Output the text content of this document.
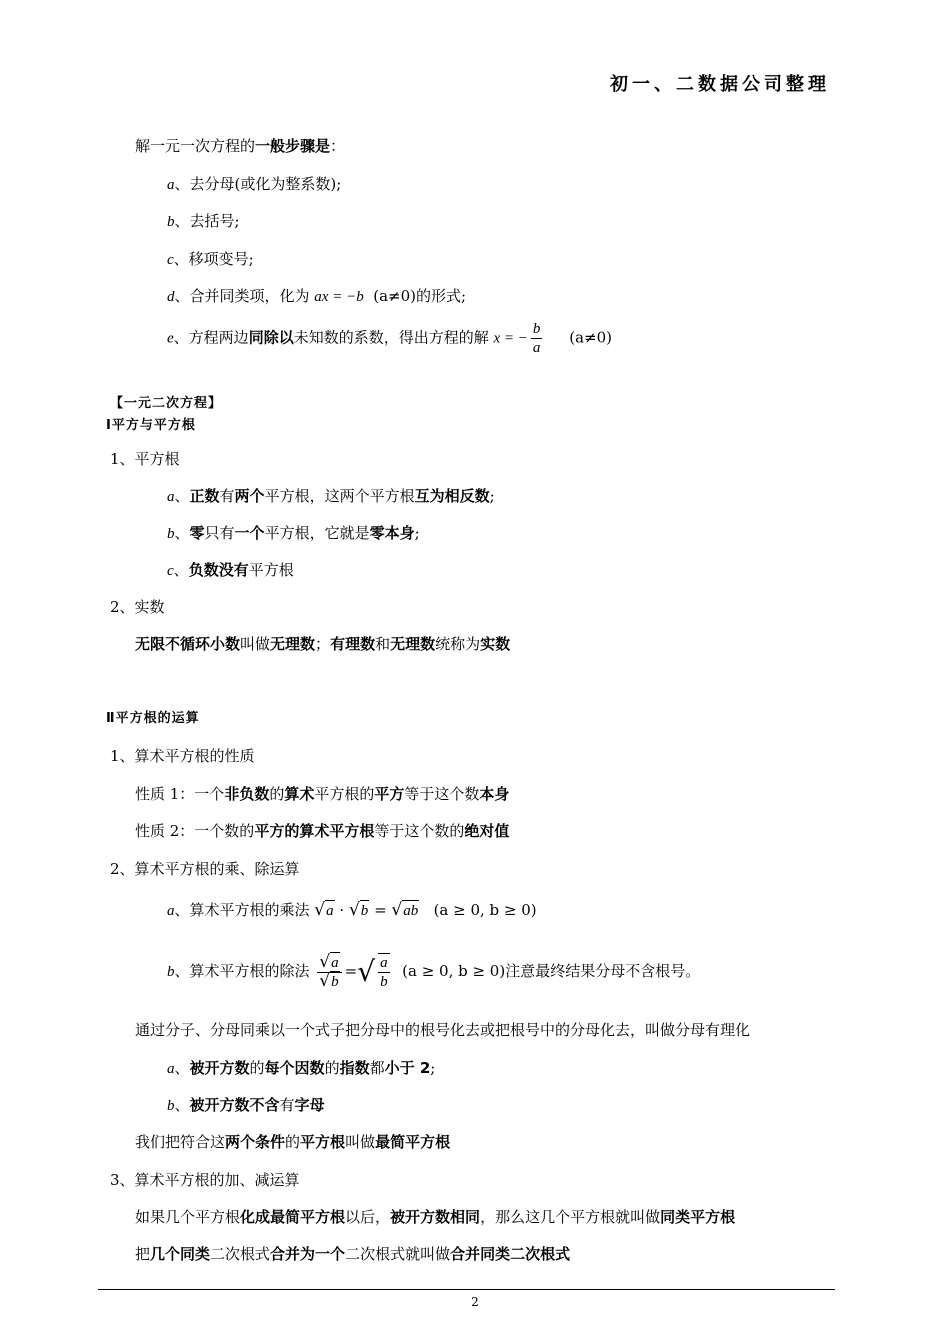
初一、二数据公司整理
解一元一次方程的一般步骤是：
a、去分母(或化为整系数);
b、去括号;
c、移项变号;
d、合并同类项，化为 ax = −b (a≠0)的形式;
e、方程两边同除以未知数的系数，得出方程的解 x = − $\frac{b}{a} (a\ne 0)$
【一元二次方程】
Ⅰ平方与平方根
1、平方根
a、正数有两个平方根，这两个平方根互为相反数;
b、零只有一个平方根，它就是零本身;
c、负数没有平方根
2、实数
无限不循环小数叫做无理数；有理数和无理数统称为实数
Ⅱ平方根的运算
1、算术平方根的性质
性质 1：一个非负数的算术平方根的平方等于这个数本身
性质 2：一个数的平方的算术平方根等于这个数的绝对值
2、算术平方根的乘、除运算
a、算术平方根的乘法 √a · √b = √ab (a ≥ 0, b ≥ 0)
b、算术平方根的除法 $\frac{√a}{√b}$ =√ $\frac{a}{b} (a \ge 0$, b ≥ 0)注意最终结果分母不含根号。
通过分子、分母同乘以一个式子把分母中的根号化去或把根号中的分母化去，叫做分母有理化
a、被开方数的每个因数的指数都小于 2;
b、被开方数不含有字母
我们把符合这两个条件的平方根叫做最简平方根
3、算术平方根的加、减运算
如果几个平方根化成最简平方根以后，被开方数相同，那么这几个平方根就叫做同类平方根
把几个同类二次根式合并为一个二次根式就叫做合并同类二次根式
2
